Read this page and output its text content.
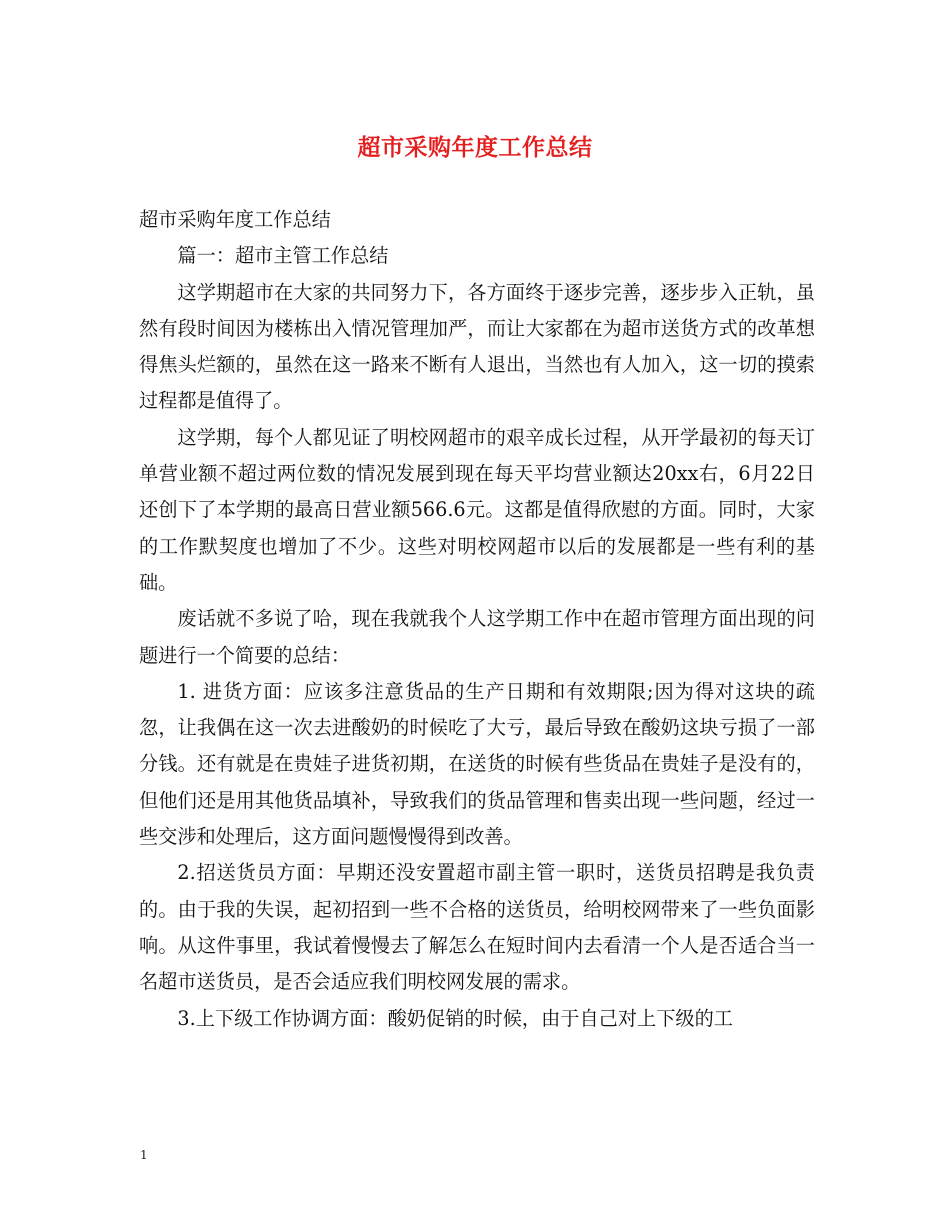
超市采购年度工作总结

超市采购年度工作总结

篇一：超市主管工作总结

这学期超市在大家的共同努力下，各方面终于逐步完善，逐步步入正轨，虽然有段时间因为楼栋出入情况管理加严，而让大家都在为超市送货方式的改革想得焦头烂额的，虽然在这一路来不断有人退出，当然也有人加入，这一切的摸索过程都是值得了。

这学期，每个人都见证了明校网超市的艰辛成长过程，从开学最初的每天订单营业额不超过两位数的情况发展到现在每天平均营业额达20xx右，6月22日还创下了本学期的最高日营业额566.6元。这都是值得欣慰的方面。同时，大家的工作默契度也增加了不少。这些对明校网超市以后的发展都是一些有利的基础。

废话就不多说了哈，现在我就我个人这学期工作中在超市管理方面出现的问题进行一个简要的总结：

1. 进货方面：应该多注意货品的生产日期和有效期限;因为得对这块的疏忽，让我偶在这一次去进酸奶的时候吃了大亏，最后导致在酸奶这块亏损了一部分钱。还有就是在贵娃子进货初期，在送货的时候有些货品在贵娃子是没有的，但他们还是用其他货品填补，导致我们的货品管理和售卖出现一些问题，经过一些交涉和处理后，这方面问题慢慢得到改善。

2.招送货员方面：早期还没安置超市副主管一职时，送货员招聘是我负责的。由于我的失误，起初招到一些不合格的送货员，给明校网带来了一些负面影响。从这件事里，我试着慢慢去了解怎么在短时间内去看清一个人是否适合当一名超市送货员，是否会适应我们明校网发展的需求。

3.上下级工作协调方面：酸奶促销的时候，由于自己对上下级的工

1
